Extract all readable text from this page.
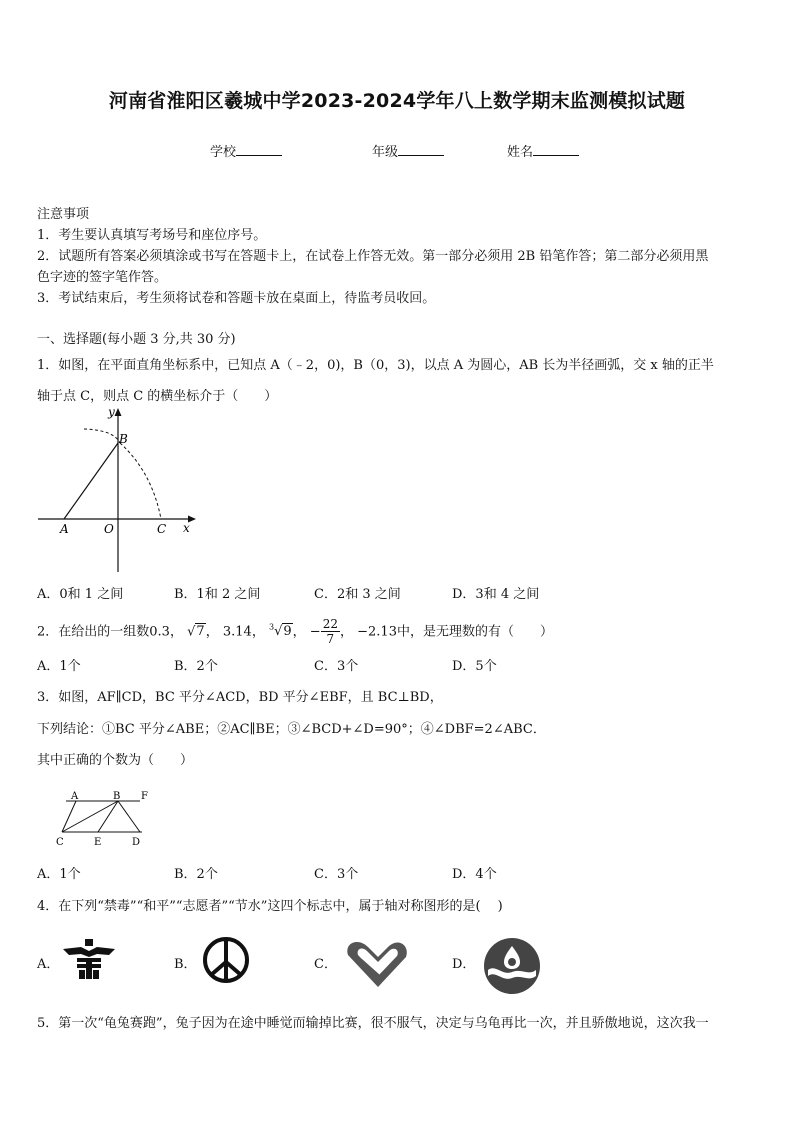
河南省淮阳区羲城中学2023-2024学年八上数学期末监测模拟试题
学校	年级	姓名
注意事项
1．考生要认真填写考场号和座位序号。
2．试题所有答案必须填涂或书写在答题卡上，在试卷上作答无效。第一部分必须用 2B 铅笔作答；第二部分必须用黑
色字迹的签字笔作答。
3．考试结束后，考生须将试卷和答题卡放在桌面上，待监考员收回。
一、选择题(每小题 3 分,共 30 分)
1．如图，在平面直角坐标系中，已知点 A（﹣2，0)，B（0，3)，以点 A 为圆心，AB 长为半径画弧，交 x 轴的正半
轴于点 C，则点 C 的横坐标介于（　　）
y
B
A	O	C x
A．0和 1 之间	B．1和 2 之间	C．2和 3 之间	D．3和 4 之间
2．在给出的一组数0.3， √7， 3.14， $^3$√9， − $\frac{22}{7}$ ， −2.13中，是无理数的有（　　）
A．1个	B．2个	C．3个	D．5个
3．如图，AF∥CD，BC 平分∠ACD，BD 平分∠EBF，且 BC⊥BD，
下列结论：①BC 平分∠ABE；②AC∥BE；③∠BCD+∠D=90°；④∠DBF=2∠ABC．
其中正确的个数为（　　）
A	B F
C	E	D
A．1个	B．2个	C．3个	D．4个
4．在下列“禁毒”“和平”“志愿者”“节水”这四个标志中，属于轴对称图形的是(　 )
A．	B．	C．	D．
5．第一次“龟兔赛跑”，兔子因为在途中睡觉而输掉比赛，很不服气，决定与乌龟再比一次，并且骄傲地说，这次我一
